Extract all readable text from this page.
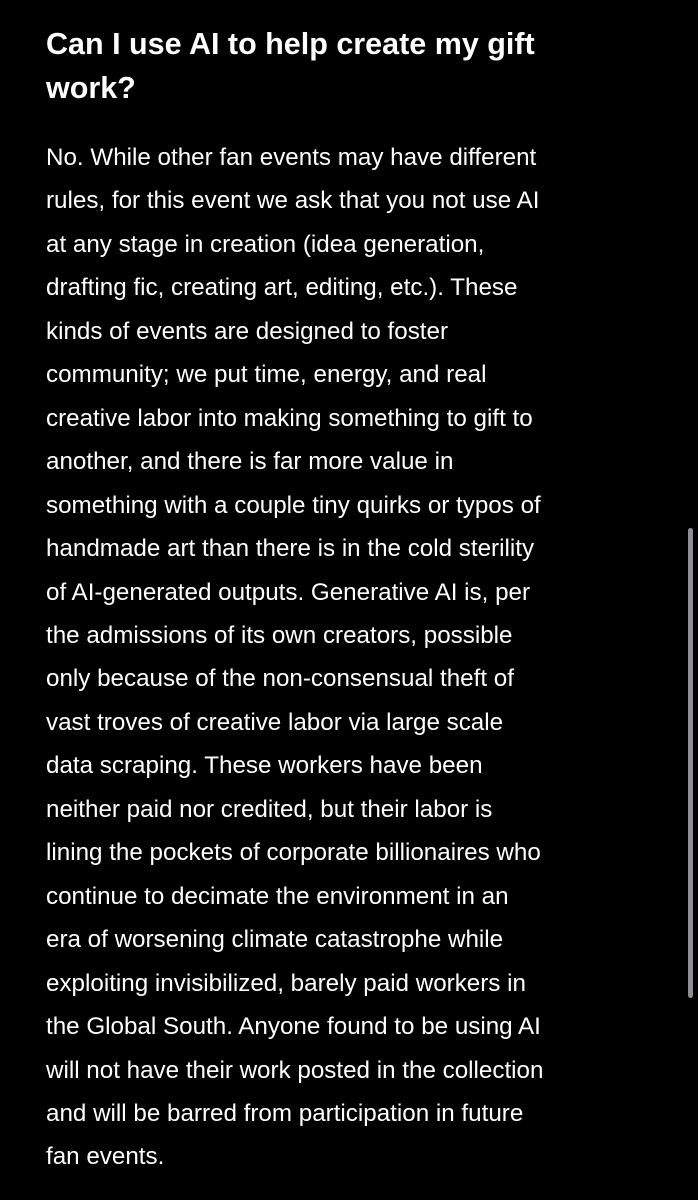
Can I use AI to help create my gift
work?
No. While other fan events may have different
rules, for this event we ask that you not use AI
at any stage in creation (idea generation,
drafting fic, creating art, editing, etc.). These
kinds of events are designed to foster
community; we put time, energy, and real
creative labor into making something to gift to
another, and there is far more value in
something with a couple tiny quirks or typos of
handmade art than there is in the cold sterility
of AI-generated outputs. Generative AI is, per
the admissions of its own creators, possible
only because of the non-consensual theft of
vast troves of creative labor via large scale
data scraping. These workers have been
neither paid nor credited, but their labor is
lining the pockets of corporate billionaires who
continue to decimate the environment in an
era of worsening climate catastrophe while
exploiting invisibilized, barely paid workers in
the Global South. Anyone found to be using AI
will not have their work posted in the collection
and will be barred from participation in future
fan events.
